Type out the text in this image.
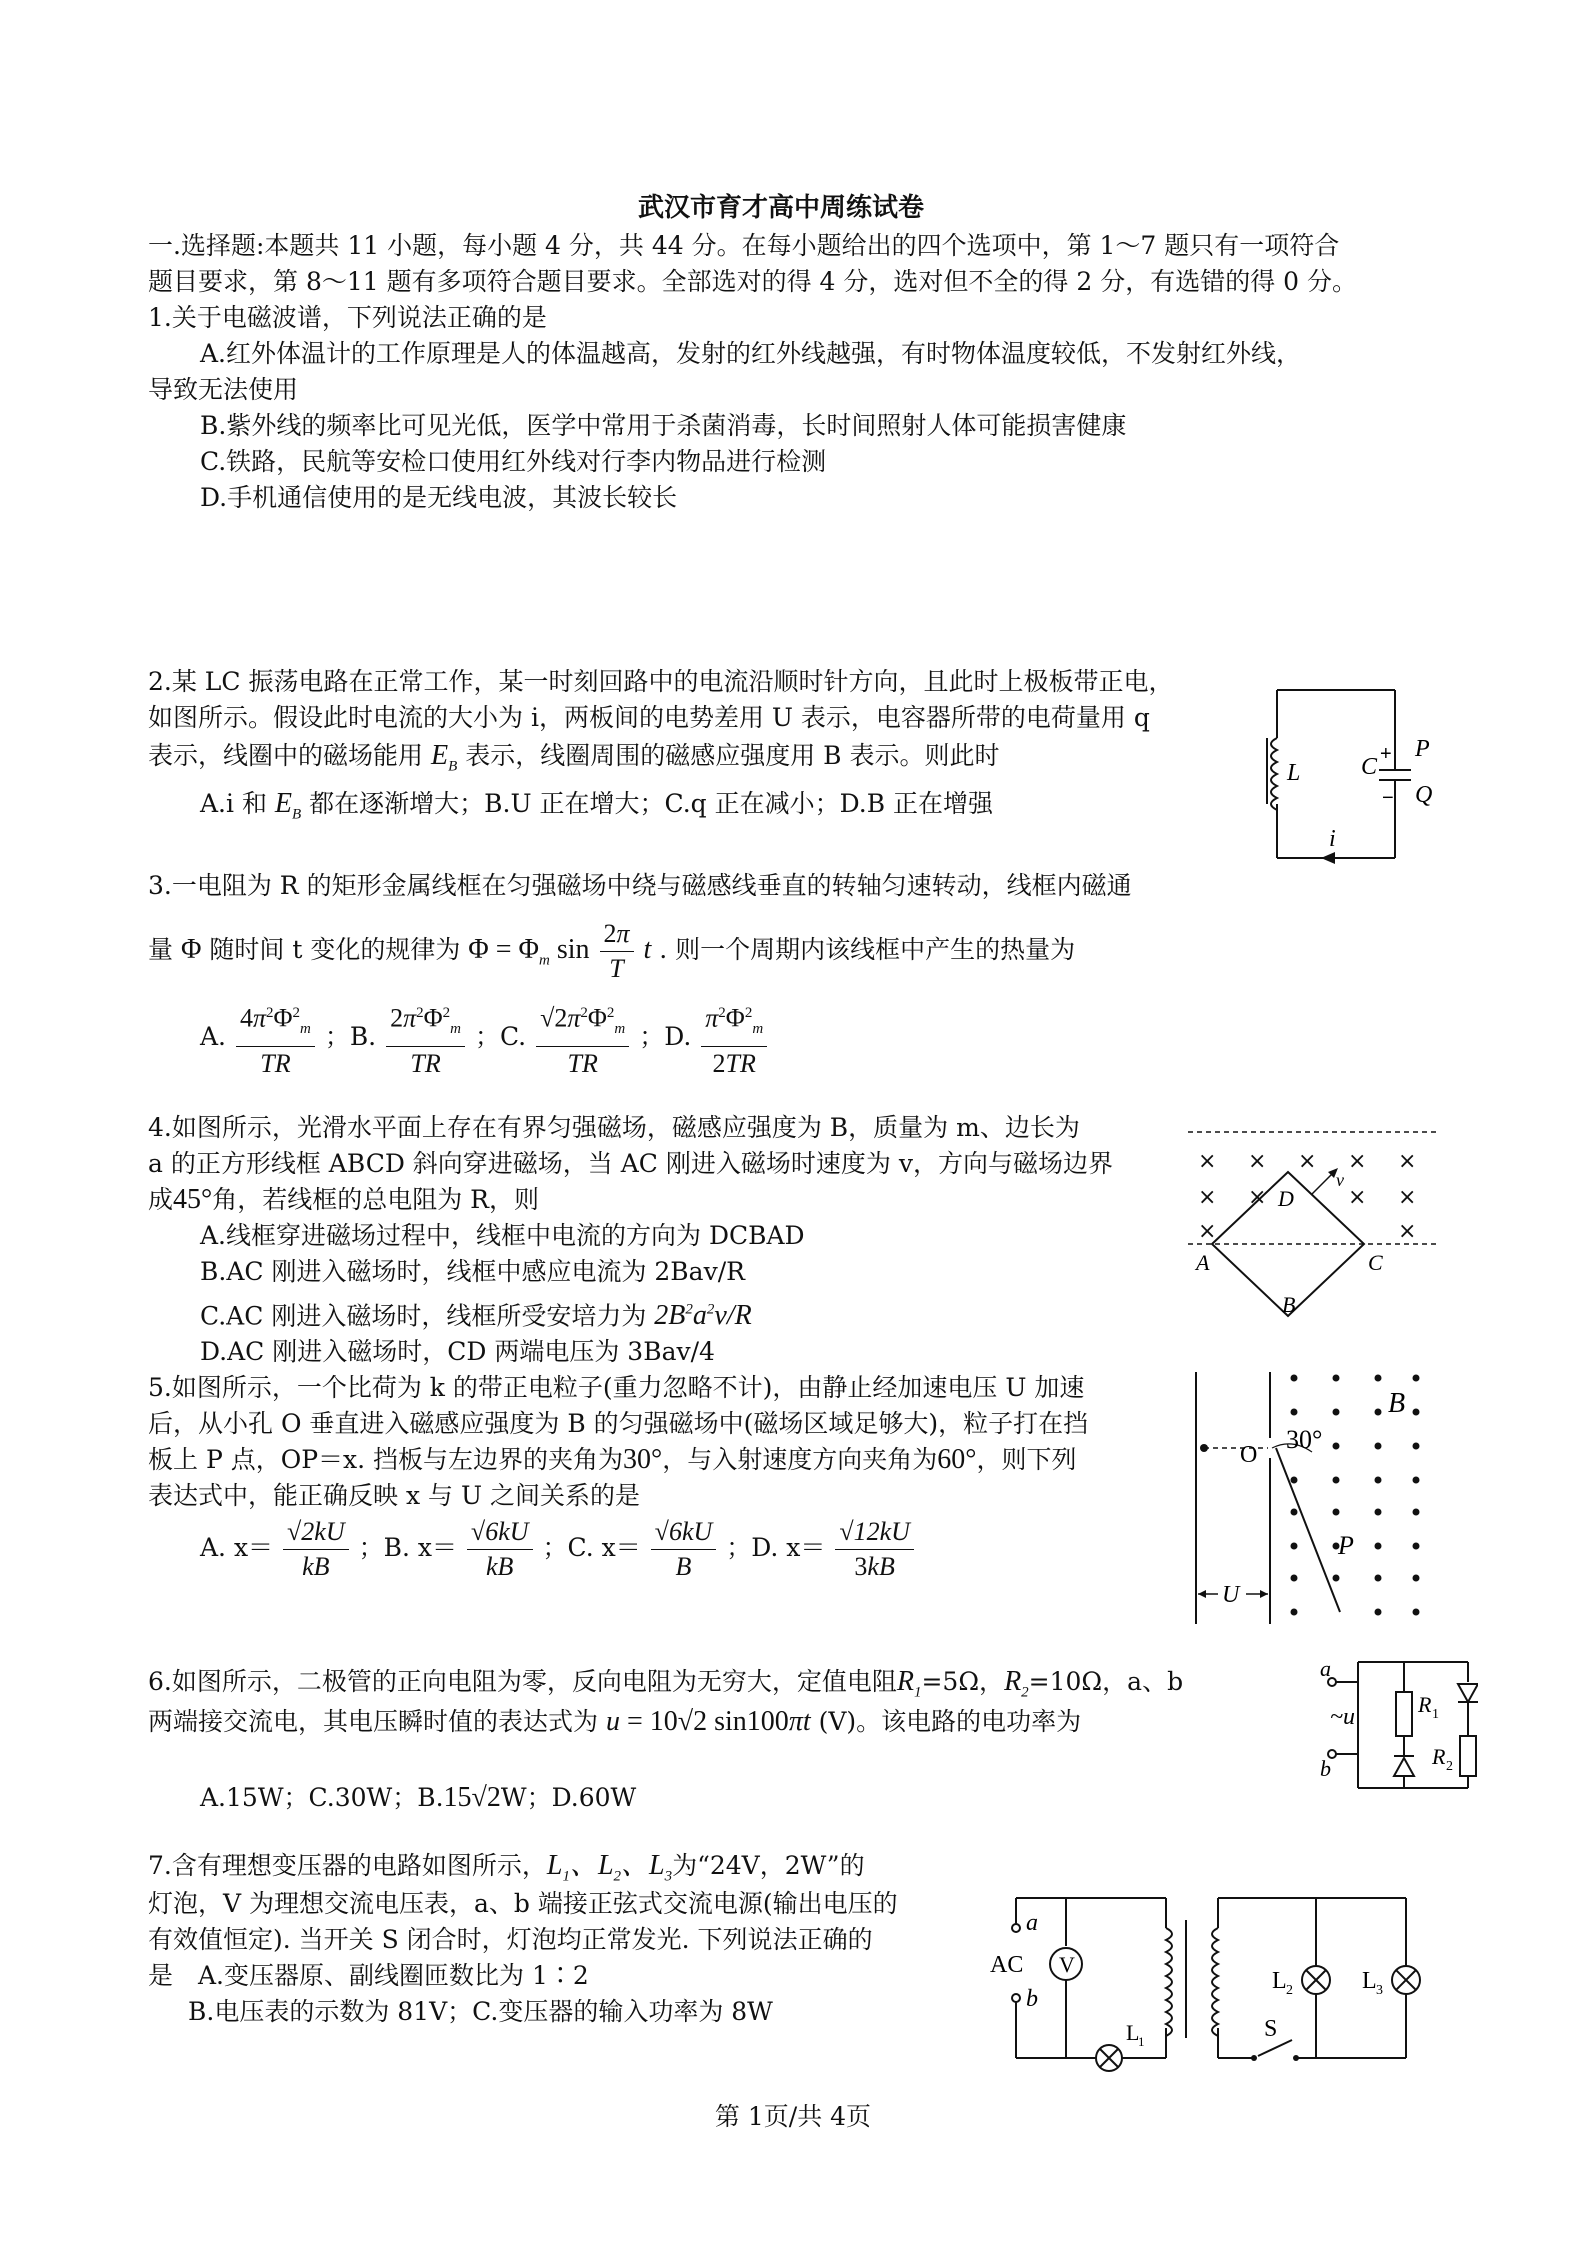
武汉市育才高中周练试卷
一.选择题:本题共 11 小题，每小题 4 分，共 44 分。在每小题给出的四个选项中，第 1～7 题只有一项符合
题目要求，第 8～11 题有多项符合题目要求。全部选对的得 4 分，选对但不全的得 2 分，有选错的得 0 分。
1.关于电磁波谱，下列说法正确的是
A.红外体温计的工作原理是人的体温越高，发射的红外线越强，有时物体温度较低，不发射红外线，
导致无法使用
B.紫外线的频率比可见光低，医学中常用于杀菌消毒，长时间照射人体可能损害健康
C.铁路，民航等安检口使用红外线对行李内物品进行检测
D.手机通信使用的是无线电波，其波长较长
2.某 LC 振荡电路在正常工作，某一时刻回路中的电流沿顺时针方向，且此时上极板带正电，
如图所示。假设此时电流的大小为 i，两板间的电势差用 U 表示，电容器所带的电荷量用 q
表示，线圈中的磁场能用 $E_B$ 表示，线圈周围的磁感应强度用 B 表示。则此时
A.i 和 $E_B$ 都在逐渐增大；B.U 正在增大；C.q 正在减小；D.B 正在增强
L	C +
−
P
Q
i
3.一电阻为 R 的矩形金属线框在匀强磁场中绕与磁感线垂直的转轴匀速转动，线框内磁通
量 Φ 随时间 t 变化的规律为 $\Phi = \Phi_m$ $\sin \frac{2\pi}{T}$ t . 则一个周期内该线框中产生的热量为
A. $\frac{4\pi^2\Phi^2_m}{TR}$ ；B. $\frac{2\pi^2\Phi^2_m}{TR}$ ；C. $\frac{√2\pi^2\Phi^2_m}{TR}$ ；D. $\frac{\pi^2\Phi^2_m}{2TR}$
4.如图所示，光滑水平面上存在有界匀强磁场，磁感应强度为 B，质量为 m、边长为
a 的正方形线框 ABCD 斜向穿进磁场，当 AC 刚进入磁场时速度为 v，方向与磁场边界
成45°角，若线框的总电阻为 R，则
A.线框穿进磁场过程中，线框中电流的方向为 DCBAD
B.AC 刚进入磁场时，线框中感应电流为 2Bav/R
C.AC 刚进入磁场时，线框所受安培力为 $2B^2a^2v/R$
D.AC 刚进入磁场时，CD 两端电压为 3Bav/4
× × × × ×
× ×	× ×
×	×
A
B
C
D
v
5.如图所示，一个比荷为 k 的带正电粒子(重力忽略不计)，由静止经加速电压 U 加速
后，从小孔 O 垂直进入磁感应强度为 B 的匀强磁场中(磁场区域足够大)，粒子打在挡
板上 P 点，OP＝x. 挡板与左边界的夹角为30°，与入射速度方向夹角为60°，则下列
表达式中，能正确反映 x 与 U 之间关系的是
A. $x= \frac{√2kU}{kB}$ ；B. $x= \frac{√6kU}{kB}$ ；C. $x= \frac{√6kU}{B}$ ；D. $x= \frac{√12kU}{3kB}$
B
O
30°
P
U
6.如图所示，二极管的正向电阻为零，反向电阻为无穷大，定值电阻$R_1=5\Omega$，$R_2=10\Omega$，a、b
两端接交流电，其电压瞬时值的表达式为 u = 10√2 sin100πt (V)。该电路的电功率为
A.15W；C.30W；B.15√2W；D.60W
a
b
~u	R 1
R 2
7.含有理想变压器的电路如图所示，$L_1$、$L_2$、$L_3$为“24V，2W”的
灯泡，V 为理想交流电压表，a、b 端接正弦式交流电源(输出电压的
有效值恒定). 当开关 S 闭合时，灯泡均正常发光. 下列说法正确的
是　A.变压器原、副线圈匝数比为 1∶2
B.电压表的示数为 81V；C.变压器的输入功率为 8W
a
AC
b
V
L
1
L 2	L 3
S
第 1页/共 4页
